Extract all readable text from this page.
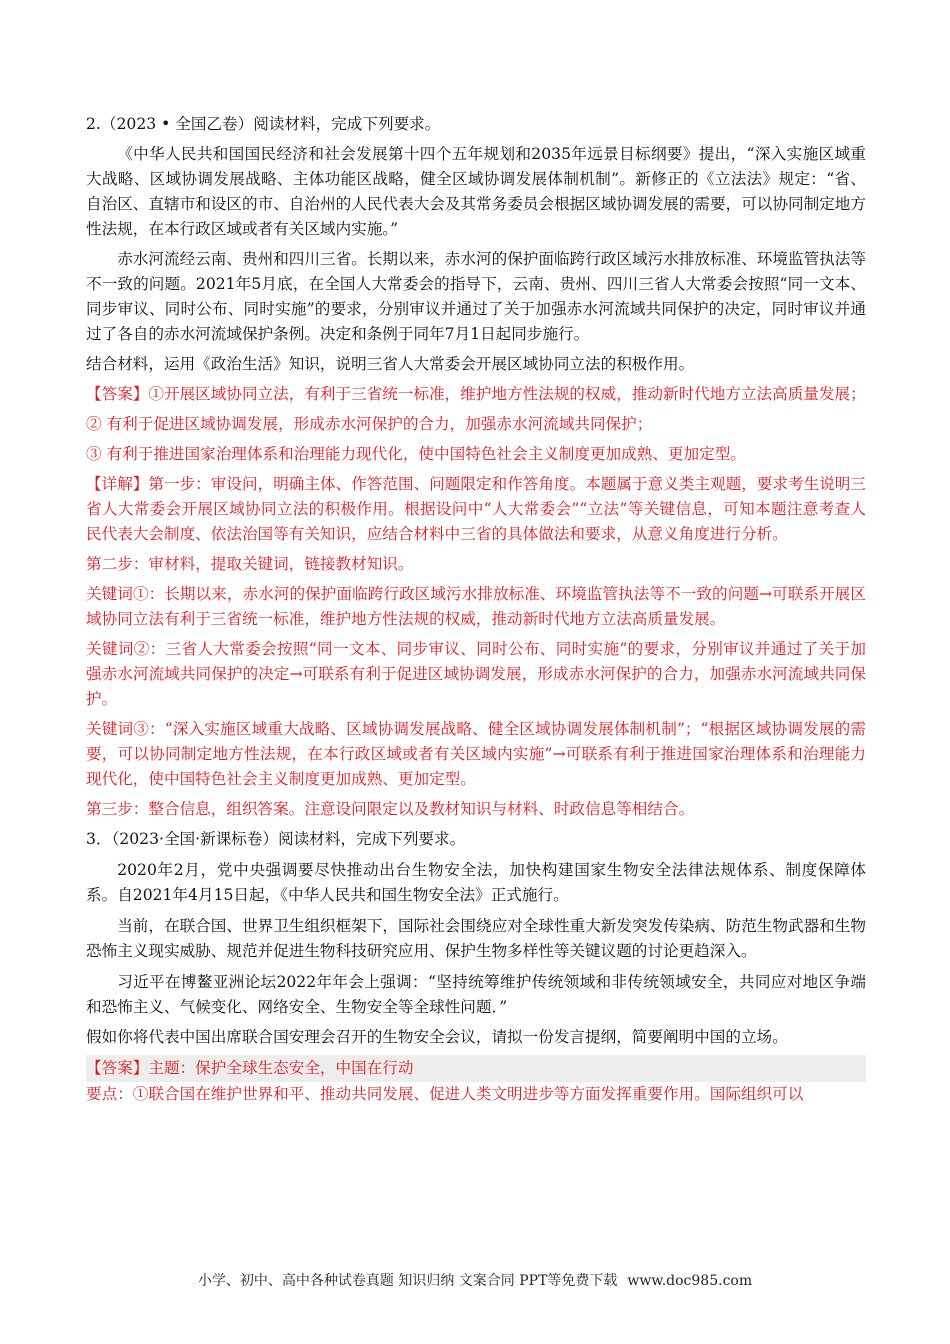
2.（2023 • 全国乙卷）阅读材料，完成下列要求。

《中华人民共和国国民经济和社会发展第十四个五年规划和2035年远景目标纲要》提出，“深入实施区域重大战略、区域协调发展战略、主体功能区战略，健全区域协调发展体制机制”。新修正的《立法法》规定：“省、自治区、直辖市和设区的市、自治州的人民代表大会及其常务委员会根据区域协调发展的需要，可以协同制定地方性法规，在本行政区域或者有关区域内实施。”

赤水河流经云南、贵州和四川三省。长期以来，赤水河的保护面临跨行政区域污水排放标准、环境监管执法等不一致的问题。2021年5月底，在全国人大常委会的指导下，云南、贵州、四川三省人大常委会按照“同一文本、同步审议、同时公布、同时实施”的要求，分别审议并通过了关于加强赤水河流域共同保护的决定，同时审议并通过了各自的赤水河流域保护条例。决定和条例于同年7月1日起同步施行。

结合材料，运用《政治生活》知识，说明三省人大常委会开展区域协同立法的积极作用。

【答案】①开展区域协同立法，有利于三省统一标准，维护地方性法规的权威，推动新时代地方立法高质量发展；

② 有利于促进区域协调发展，形成赤水河保护的合力，加强赤水河流域共同保护；

③ 有利于推进国家治理体系和治理能力现代化，使中国特色社会主义制度更加成熟、更加定型。

【详解】第一步：审设问，明确主体、作答范围、问题限定和作答角度。本题属于意义类主观题，要求考生说明三省人大常委会开展区域协同立法的积极作用。根据设问中“人大常委会”“立法”等关键信息，可知本题注意考查人民代表大会制度、依法治国等有关知识，应结合材料中三省的具体做法和要求，从意义角度进行分析。

第二步：审材料，提取关键词，链接教材知识。

关键词①：长期以来，赤水河的保护面临跨行政区域污水排放标准、环境监管执法等不一致的问题→可联系开展区域协同立法有利于三省统一标准，维护地方性法规的权威，推动新时代地方立法高质量发展。

关键词②：三省人大常委会按照“同一文本、同步审议、同时公布、同时实施”的要求，分别审议并通过了关于加强赤水河流域共同保护的决定→可联系有利于促进区域协调发展，形成赤水河保护的合力，加强赤水河流域共同保护。

关键词③：“深入实施区域重大战略、区域协调发展战略、健全区域协调发展体制机制”；“根据区域协调发展的需要，可以协同制定地方性法规，在本行政区域或者有关区域内实施”→可联系有利于推进国家治理体系和治理能力现代化，使中国特色社会主义制度更加成熟、更加定型。

第三步：整合信息，组织答案。注意设问限定以及教材知识与材料、时政信息等相结合。

3．（2023·全国·新课标卷）阅读材料，完成下列要求。

2020年2月，党中央强调要尽快推动出台生物安全法，加快构建国家生物安全法律法规体系、制度保障体系。自2021年4月15日起，《中华人民共和国生物安全法》正式施行。

当前，在联合国、世界卫生组织框架下，国际社会围绕应对全球性重大新发突发传染病、防范生物武器和生物恐怖主义现实威胁、规范并促进生物科技研究应用、保护生物多样性等关键议题的讨论更趋深入。

习近平在博鳌亚洲论坛2022年年会上强调：“坚持统筹维护传统领域和非传统领域安全，共同应对地区争端和恐怖主义、气候变化、网络安全、生物安全等全球性问题．”

假如你将代表中国出席联合国安理会召开的生物安全会议，请拟一份发言提纲，简要阐明中国的立场。

【答案】主题：保护全球生态安全，中国在行动

要点：①联合国在维护世界和平、推动共同发展、促进人类文明进步等方面发挥重要作用。国际组织可以

小学、初中、高中各种试卷真题 知识归纳 文案合同 PPT等免费下载 www.doc985.com
